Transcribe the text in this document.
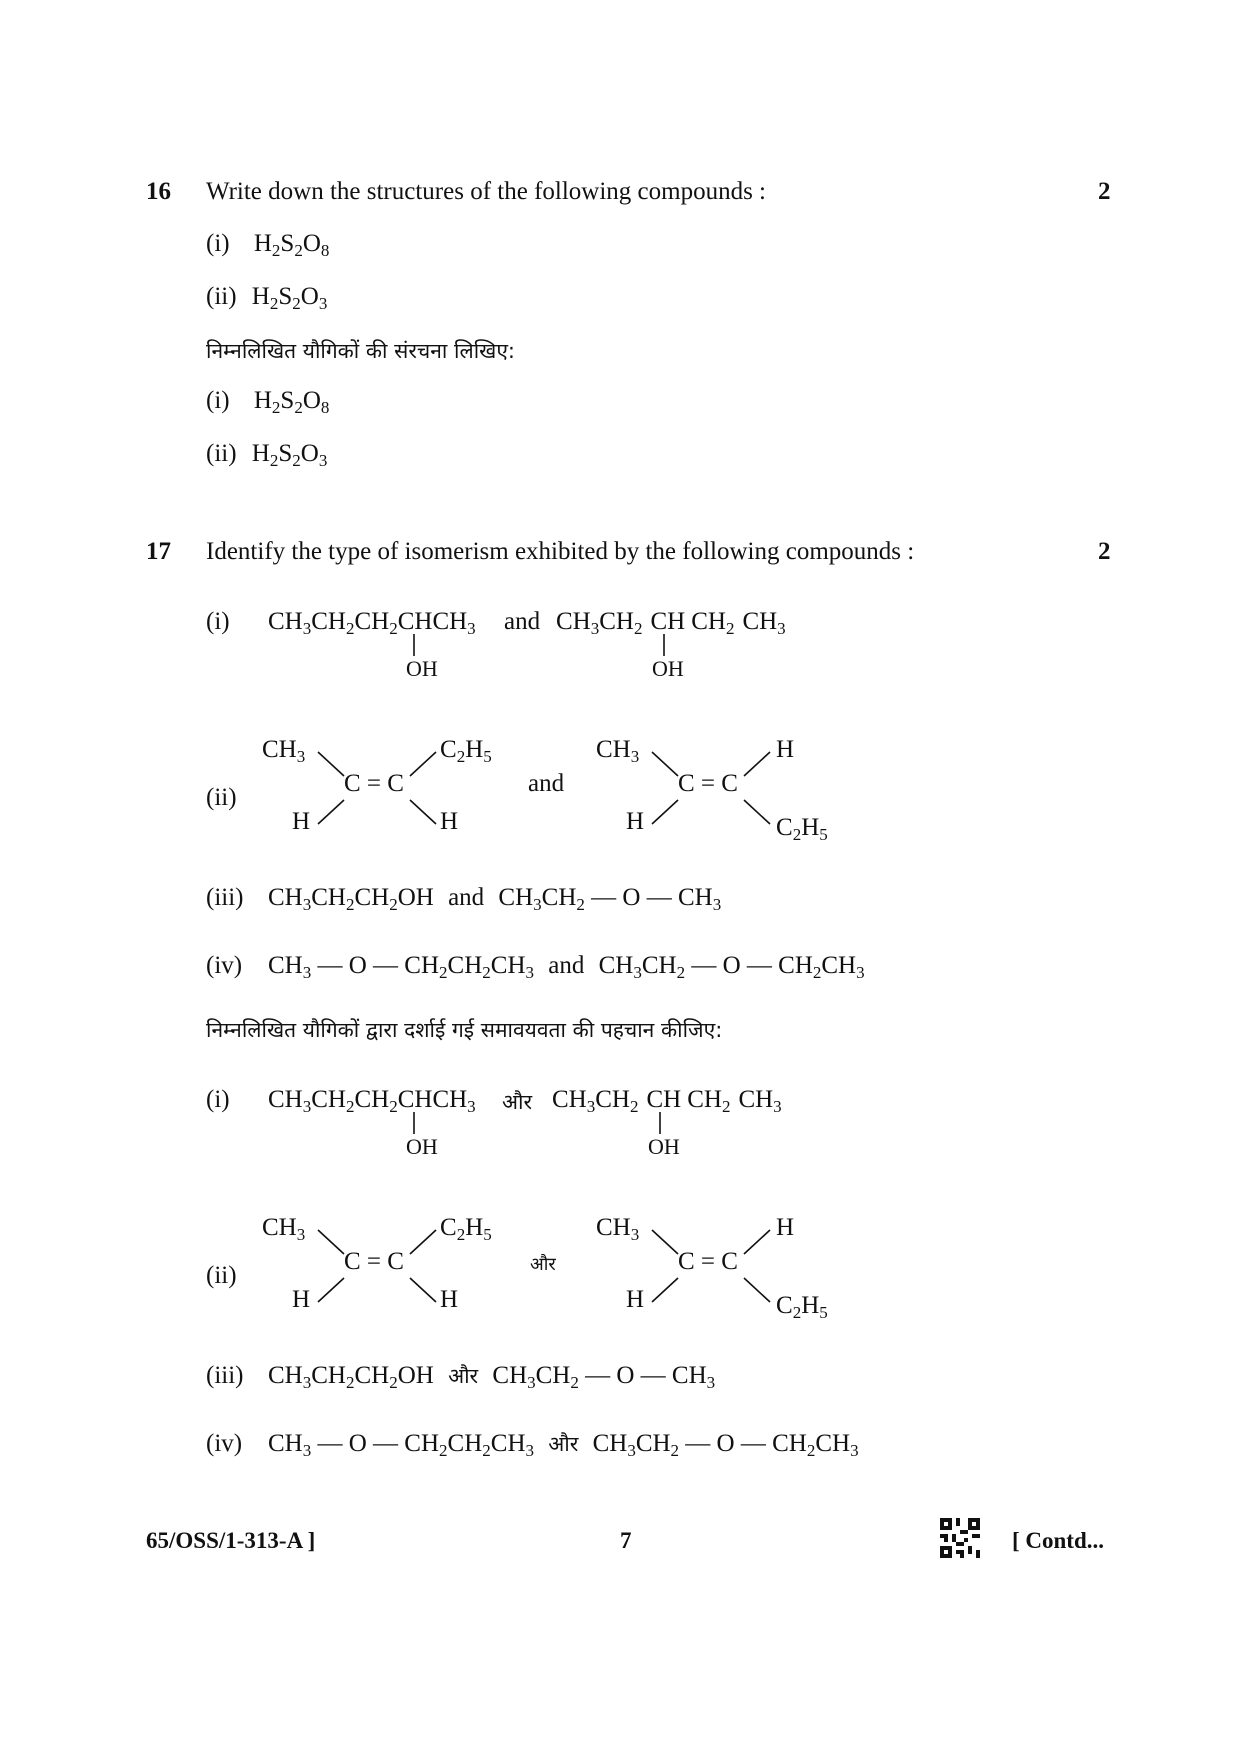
16 Write down the structures of the following compounds :	2
(i) $H_2S_2O_8$
(ii) $H_2S_2O_3$
निम्नलिखित यौगिकों की संरचना लिखिए:
(i) $H_2S_2O_8$
(ii) $H_2S_2O_3$
17 Identify the type of isomerism exhibited by the following compounds :	2
(i) $CH_3CH_2CH_2CHCH_3$
OH
and $CH_3CH_2$ CH $CH_2$ $CH_3$
OH
(ii)
$CH_3$
H
C = C
$C_2H_5$
H
and
$CH_3$
H
C = C
H
$C_2H_5$
(iii) $CH_3CH_2CH_2OH$ and $CH_3CH_2$ — O — $CH_3$
(iv) $CH_3$ — O — $CH_2CH_2CH_3$ and $CH_3CH_2$ — O — $CH_2CH_3$
निम्नलिखित यौगिकों द्वारा दर्शाई गई समावयवता की पहचान कीजिए:
(i) $CH_3CH_2CH_2CHCH_3$
OH
और $CH_3CH_2$ CH $CH_2$ $CH_3$
OH
(ii)
$CH_3$
H
C = C
$C_2H_5$
H
और
$CH_3$
H
C = C
H
$C_2H_5$
(iii) $CH_3CH_2CH_2OH$ और $CH_3CH_2$ — O — $CH_3$
(iv) $CH_3$ — O — $CH_2CH_2CH_3$ और $CH_3CH_2$ — O — $CH_2CH_3$
65/OSS/1-313-A ]	7	[ Contd...
